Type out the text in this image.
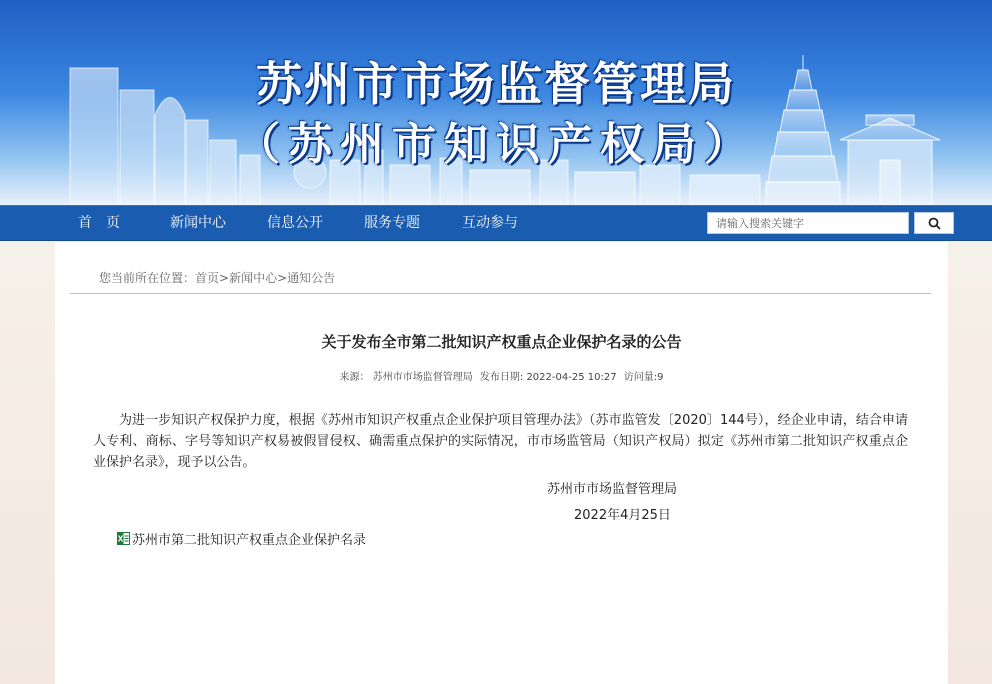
苏州市市场监督管理局
（苏州市知识产权局）
首　页	新闻中心	信息公开	服务专题	互动参与
请输入搜索关键字
您当前所在位置：首页>新闻中心>通知公告
关于发布全市第二批知识产权重点企业保护名录的公告
来源： 苏州市市场监督管理局 发布日期: 2022-04-25 10:27 访问量:9
为进一步知识产权保护力度，根据《苏州市知识产权重点企业保护项目管理办法》（苏市监管发〔2020〕144号），经企业申请，结合申请人专利、商标、字号等知识产权易被假冒侵权、确需重点保护的实际情况，市市场监管局（知识产权局）拟定《苏州市第二批知识产权重点企业保护名录》，现予以公告。
苏州市市场监督管理局
2022年4月25日
苏州市第二批知识产权重点企业保护名录
